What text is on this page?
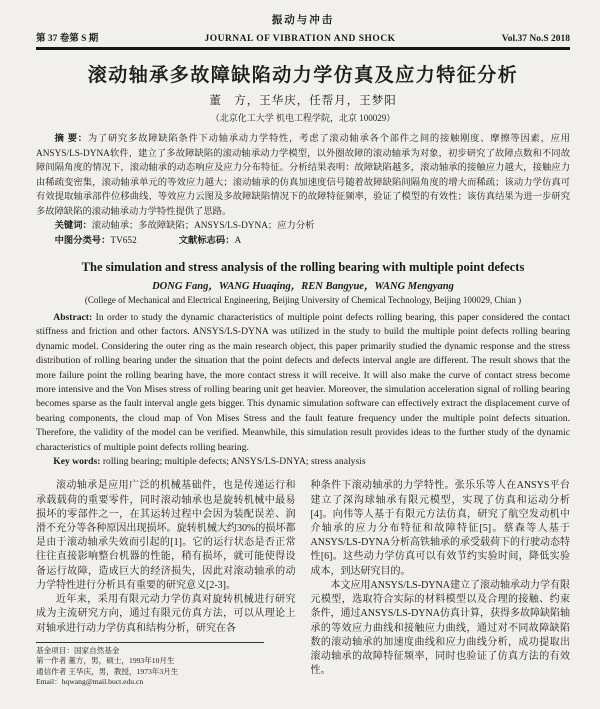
振动与冲击
第 37 卷第 S 期	JOURNAL OF VIBRATION AND SHOCK	Vol.37 No.S 2018
滚动轴承多故障缺陷动力学仿真及应力特征分析
董　方，王华庆，任帮月，王梦阳
（北京化工大学 机电工程学院，北京 100029）

摘 要：为了研究多故障缺陷条件下动轴承动力学特性，考虑了滚动轴承各个部件之间的接触刚度、摩擦等因素，应用ANSYS/LS-DYNA软件，建立了多故障缺陷的滚动轴承动力学模型，以外圈故障的滚动轴承为对象，初步研究了故障点数和不同故障间隔角度的情况下，滚动轴承的动态响应及应力分布特征。分析结果表明：故障缺陷越多，滚动轴承的接触应力越大，接触应力由稀疏变密集，滚动轴承单元的等效应力越大；滚动轴承的仿真加速度信号随着故障缺陷间隔角度的增大而稀疏；该动力学仿真可有效提取轴承部件位移曲线、等效应力云图及多故障缺陷情况下的故障特征频率，验证了模型的有效性；该仿真结果为进一步研究多故障缺陷的滚动轴承动力学特性提供了思路。

关键词：滚动轴承；多故障缺陷；ANSYS/LS-DYNA；应力分析

中图分类号：TV652	文献标志码：A

The simulation and stress analysis of the rolling bearing with multiple point defects
DONG Fang，WANG Huaqing，REN Bangyue，WANG Mengyang
(College of Mechanical and Electrical Engineering, Beijing University of Chemical Technology, Beijing 100029, Chian )

Abstract: In order to study the dynamic characteristics of multiple point defects rolling bearing, this paper considered the contact stiffness and friction and other factors. ANSYS/LS-DYNA was utilized in the study to build the multiple point defects rolling bearing dynamic model. Considering the outer ring as the main research object, this paper primarily studied the dynamic response and the stress distribution of rolling bearing under the situation that the point defects and defects interval angle are different. The result shows that the more failure point the rolling bearing have, the more contact stress it will receive. It will also make the curve of contact stress become more intensive and the Von Mises stress of rolling bearing unit get heavier. Moreover, the simulation acceleration signal of rolling bearing becomes sparse as the fault interval angle gets bigger. This dynamic simulation software can effectively extract the displacement curve of bearing components, the cloud map of Von Mises Stress and the fault feature frequency under the multiple point defects situation. Therefore, the validity of the model can be verified. Meanwhile, this simulation result provides ideas to the further study of the dynamic characteristics of multiple point defects rolling bearing.

Key words: rolling bearing; multiple defects; ANSYS/LS-DNYA; stress analysis

滚动轴承是应用广泛的机械基础件，也是传递运行和承载载荷的重要零件，同时滚动轴承也是旋转机械中最易损坏的零部件之一，在其运转过程中会因为装配误差、润滑不充分等各种原因出现损坏。旋转机械大约30%的损坏都是由于滚动轴承失效而引起的[1]。它的运行状态是否正常往往直接影响整台机器的性能，稍有损坏，就可能使得设备运行故障，造成巨大的经济损失，因此对滚动轴承的动力学特性进行分析具有重要的研究意义[2-3]。

近年来，采用有限元动力学仿真对旋转机械进行研究成为主流研究方向，通过有限元仿真方法，可以从理论上对轴承进行动力学仿真和结构分析，研究在各

基金项目：国家自然基金

第一作者 董方，男，硕士，1993年10月生

通信作者 王华庆，男，教授，1973年3月生

Email：hqwang@mail.buct.edu.cn

种条件下滚动轴承的力学特性。张乐乐等人在ANSYS平台建立了深沟球轴承有限元模型，实现了仿真和运动分析[4]。向伟等人基于有限元方法仿真，研究了航空发动机中介轴承的应力分布特征和故障特征[5]。蔡森等人基于ANSYS/LS-DYNA分析高铁轴承的承受载荷下的行驶动态特性[6]。这些动力学仿真可以有效节约实验时间，降低实验成本，到达研究目的。

本文应用ANSYS/LS-DYNA建立了滚动轴承动力学有限元模型，选取符合实际的材料模型以及合理的接触、约束条件，通过ANSYS/LS-DYNA仿真计算，获得多故障缺陷轴承的等效应力曲线和接触应力曲线，通过对不同故障缺陷数的滚动轴承的加速度曲线和应力曲线分析，成功提取出滚动轴承的故障特征频率，同时也验证了仿真方法的有效性。
